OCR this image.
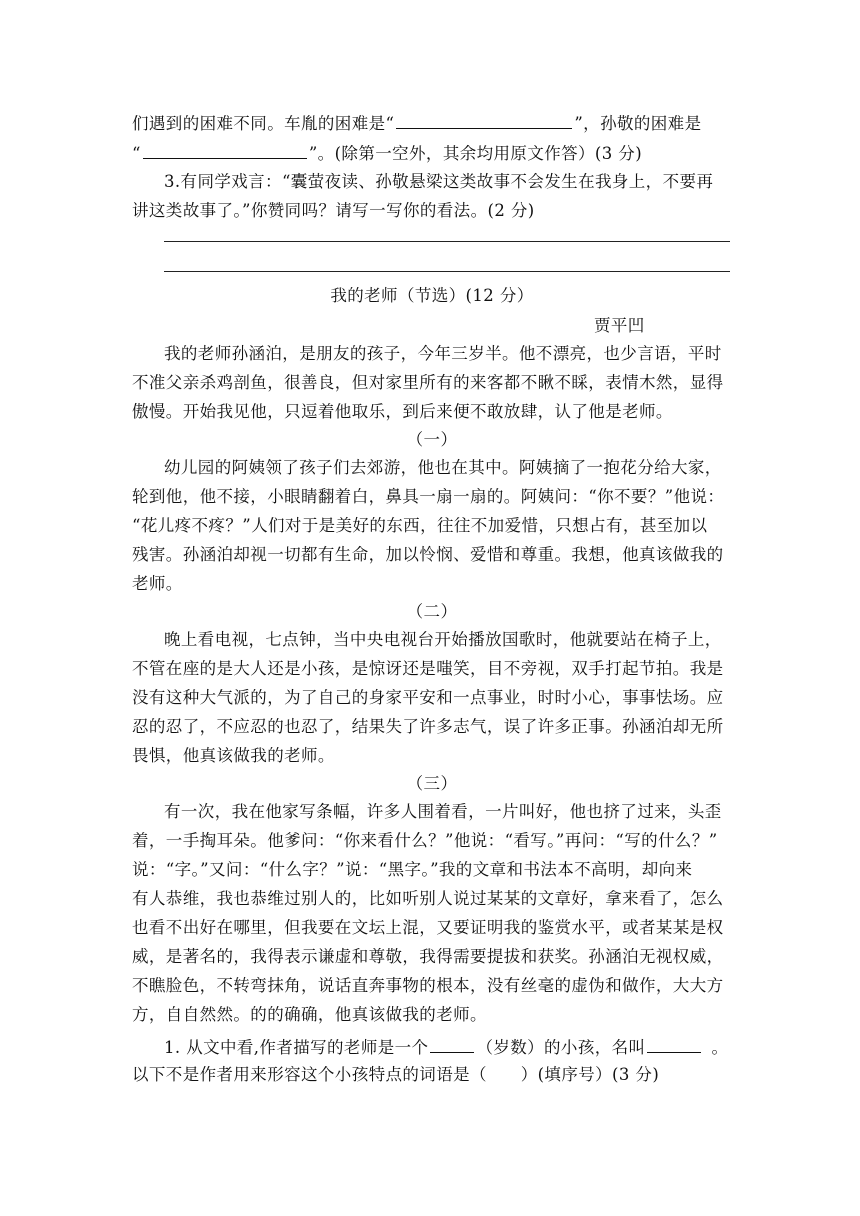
们遇到的困难不同。车胤的困难是“	”，孙敬的困难是
“	”。(除第一空外，其余均用原文作答）(3 分)
3.有同学戏言：“囊萤夜读、孙敬悬梁这类故事不会发生在我身上，不要再
讲这类故事了。”你赞同吗？请写一写你的看法。(2 分)
我的老师（节选）(12 分）
贾平凹
我的老师孙涵泊，是朋友的孩子，今年三岁半。他不漂亮，也少言语，平时
不准父亲杀鸡剖鱼，很善良，但对家里所有的来客都不瞅不睬，表情木然，显得
傲慢。开始我见他，只逗着他取乐，到后来便不敢放肆，认了他是老师。
（一）
幼儿园的阿姨领了孩子们去郊游，他也在其中。阿姨摘了一抱花分给大家，
轮到他，他不接，小眼睛翻着白，鼻具一扇一扇的。阿姨问：“你不要？”他说：
“花儿疼不疼？”人们对于是美好的东西，往往不加爱惜，只想占有，甚至加以
残害。孙涵泊却视一切都有生命，加以怜悯、爱惜和尊重。我想，他真该做我的
老师。
（二）
晚上看电视，七点钟，当中央电视台开始播放国歌时，他就要站在椅子上，
不管在座的是大人还是小孩，是惊讶还是嗤笑，目不旁视，双手打起节拍。我是
没有这种大气派的，为了自己的身家平安和一点事业，时时小心，事事怯场。应
忍的忍了，不应忍的也忍了，结果失了许多志气，误了许多正事。孙涵泊却无所
畏惧，他真该做我的老师。
（三）
有一次，我在他家写条幅，许多人围着看，一片叫好，他也挤了过来，头歪
着，一手掏耳朵。他爹问：“你来看什么？”他说：“看写。”再问：“写的什么？”
说：“字。”又问：“什么字？”说：“黑字。”我的文章和书法本不高明，却向来
有人恭维，我也恭维过别人的，比如听别人说过某某的文章好，拿来看了，怎么
也看不出好在哪里，但我要在文坛上混，又要证明我的鉴赏水平，或者某某是权
威，是著名的，我得表示谦虚和尊敬，我得需要提拔和获奖。孙涵泊无视权威，
不瞧脸色，不转弯抹角，说话直奔事物的根本，没有丝毫的虚伪和做作，大大方
方，自自然然。的的确确，他真该做我的老师。
1. 从文中看,作者描写的老师是一个	（岁数）的小孩，名叫	。
以下不是作者用来形容这个小孩特点的词语是（　　）(填序号）(3 分)
